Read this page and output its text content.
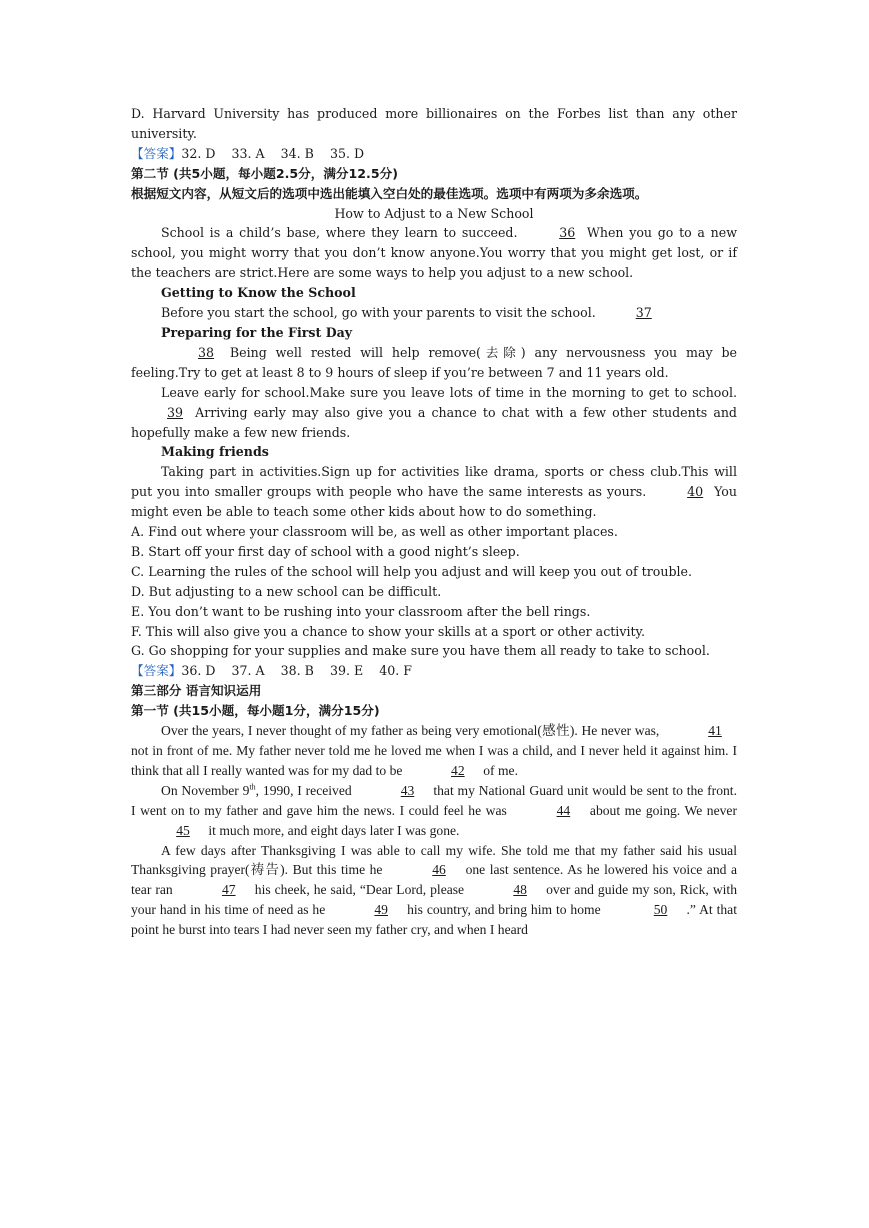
D. Harvard University has produced more billionaires on the Forbes list than any other university.

【答案】32. D    33. A    34. B    35. D

第二节 (共5小题，每小题2.5分，满分12.5分)

根据短文内容，从短文后的选项中选出能填入空白处的最佳选项。选项中有两项为多余选项。

How to Adjust to a New School

School is a child’s base, where they learn to succeed.	36 When you go to a new school, you might worry that you don’t know anyone.You worry that you might get lost, or if the teachers are strict.Here are some ways to help you adjust to a new school.

Getting to Know the School

Before you start the school, go with your parents to visit the school.	37

Preparing for the First Day

38 Being well rested will help remove(去除) any nervousness you may be feeling.Try to get at least 8 to 9 hours of sleep if you’re between 7 and 11 years old.

Leave early for school.Make sure you leave lots of time in the morning to get to school. 39 Arriving early may also give you a chance to chat with a few other students and hopefully make a few new friends.

Making friends

Taking part in activities.Sign up for activities like drama, sports or chess club.This will put you into smaller groups with people who have the same interests as yours.	40 You might even be able to teach some other kids about how to do something.

A. Find out where your classroom will be, as well as other important places.

B. Start off your first day of school with a good night’s sleep.

C. Learning the rules of the school will help you adjust and will keep you out of trouble.

D. But adjusting to a new school can be difficult.

E. You don’t want to be rushing into your classroom after the bell rings.

F. This will also give you a chance to show your skills at a sport or other activity.

G. Go shopping for your supplies and make sure you have them all ready to take to school.

【答案】36. D    37. A    38. B    39. E    40. F

第三部分 语言知识运用

第一节 (共15小题，每小题1分，满分15分)

Over the years, I never thought of my father as being very emotional(感性). He never was,	41 not in front of me. My father never told me he loved me when I was a child, and I never held it against him. I think that all I really wanted was for my dad to be	42 of me.

On November 9th, 1990, I received	43 that my National Guard unit would be sent to the front. I went on to my father and gave him the news. I could feel he was	44 about me going. We never 45 it much more, and eight days later I was gone.

A few days after Thanksgiving I was able to call my wife. She told me that my father said his usual Thanksgiving prayer(祷告). But this time he	46 one last sentence. As he lowered his voice and a tear ran	47 his cheek, he said, “Dear Lord, please	48 over and guide my son, Rick, with your hand in his time of need as he	49 his country, and bring him to home	50 .” At that point he burst into tears I had never seen my father cry, and when I heard
